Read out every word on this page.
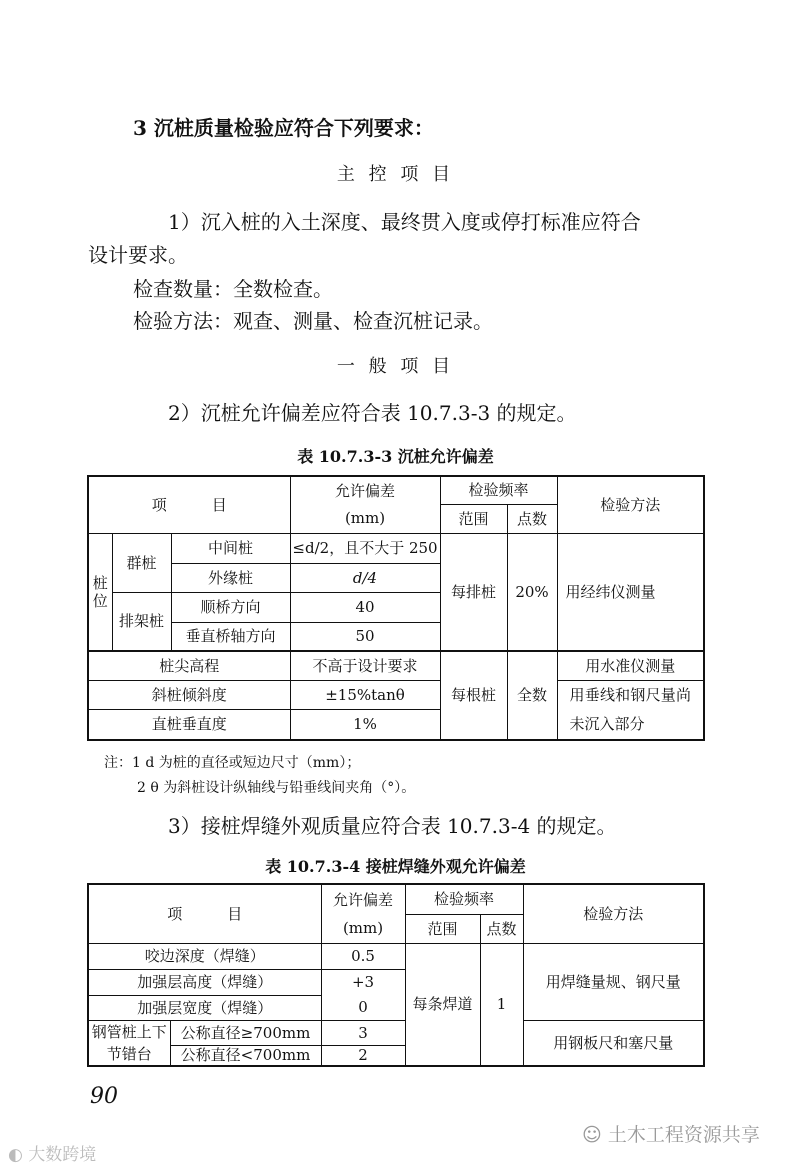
3 沉桩质量检验应符合下列要求：
主 控 项 目
1）沉入桩的入土深度、最终贯入度或停打标准应符合
设计要求。
检查数量：全数检查。
检验方法：观查、测量、检查沉桩记录。
一 般 项 目
2）沉桩允许偏差应符合表 10.7.3-3 的规定。
表 10.7.3-3 沉桩允许偏差
项　　　目			允许偏差	检验频率		检验方法
			(mm)	范围	点数	
桩	群桩	中间桩	≤d/2，且不大于 250	每排桩	20%	用经纬仪测量
		外缘桩	d/4			
位	排架桩	顺桥方向	40			
		垂直桥轴方向	50			
桩尖高程			不高于设计要求	每根桩	全数	用水准仪测量
斜桩倾斜度			±15%tanθ			用垂线和钢尺量尚未沉入部分
直桩垂直度			1%			
注：1 d 为桩的直径或短边尺寸（mm）；
2 θ 为斜桩设计纵轴线与铅垂线间夹角（°）。
3）接桩焊缝外观质量应符合表 10.7.3-4 的规定。
表 10.7.3-4 接桩焊缝外观允许偏差
项　　　目		允许偏差	检验频率		检验方法
		(mm)	范围	点数	
咬边深度（焊缝）		0.5	每条焊道	1	用焊缝量规、钢尺量
加强层高度（焊缝）		+3			
加强层宽度（焊缝）		0			
钢管桩上下节错台	公称直径≥700mm	3			用钢板尺和塞尺量
	公称直径<700mm	2			
90
◐ 大数跨境
☺ 土木工程资源共享
